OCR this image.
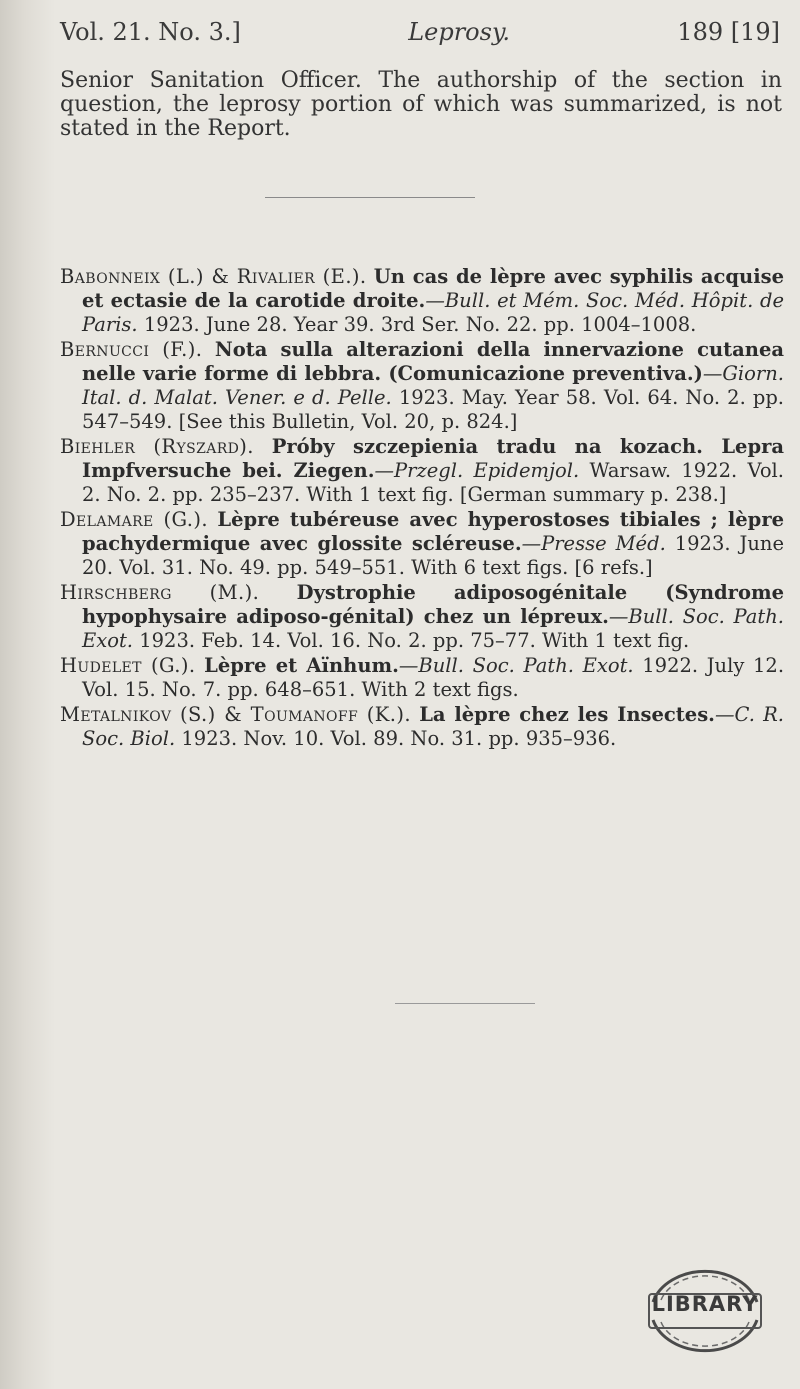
Vol. 21. No. 3.]	Leprosy.	189 [19]
Senior Sanitation Officer. The authorship of the section in question, the leprosy portion of which was summarized, is not stated in the Report.

Babonneix (L.) & Rivalier (E.). Un cas de lèpre avec syphilis acquise et ectasie de la carotide droite.—Bull. et Mém. Soc. Méd. Hôpit. de Paris. 1923. June 28. Year 39. 3rd Ser. No. 22. pp. 1004–1008.

Bernucci (F.). Nota sulla alterazioni della innervazione cutanea nelle varie forme di lebbra. (Comunicazione preventiva.)—Giorn. Ital. d. Malat. Vener. e d. Pelle. 1923. May. Year 58. Vol. 64. No. 2. pp. 547–549. [See this Bulletin, Vol. 20, p. 824.]

Biehler (Ryszard). Próby szczepienia tradu na kozach. Lepra Impfversuche bei. Ziegen.—Przegl. Epidemjol. Warsaw. 1922. Vol. 2. No. 2. pp. 235–237. With 1 text fig. [German summary p. 238.]

Delamare (G.). Lèpre tubéreuse avec hyperostoses tibiales ; lèpre pachydermique avec glossite scléreuse.—Presse Méd. 1923. June 20. Vol. 31. No. 49. pp. 549–551. With 6 text figs. [6 refs.]

Hirschberg (M.). Dystrophie adiposogénitale (Syndrome hypophysaire adiposo-génital) chez un lépreux.—Bull. Soc. Path. Exot. 1923. Feb. 14. Vol. 16. No. 2. pp. 75–77. With 1 text fig.

Hudelet (G.). Lèpre et Aïnhum.—Bull. Soc. Path. Exot. 1922. July 12. Vol. 15. No. 7. pp. 648–651. With 2 text figs.

Metalnikov (S.) & Toumanoff (K.). La lèpre chez les Insectes.—C. R. Soc. Biol. 1923. Nov. 10. Vol. 89. No. 31. pp. 935–936.

LIBRARY
